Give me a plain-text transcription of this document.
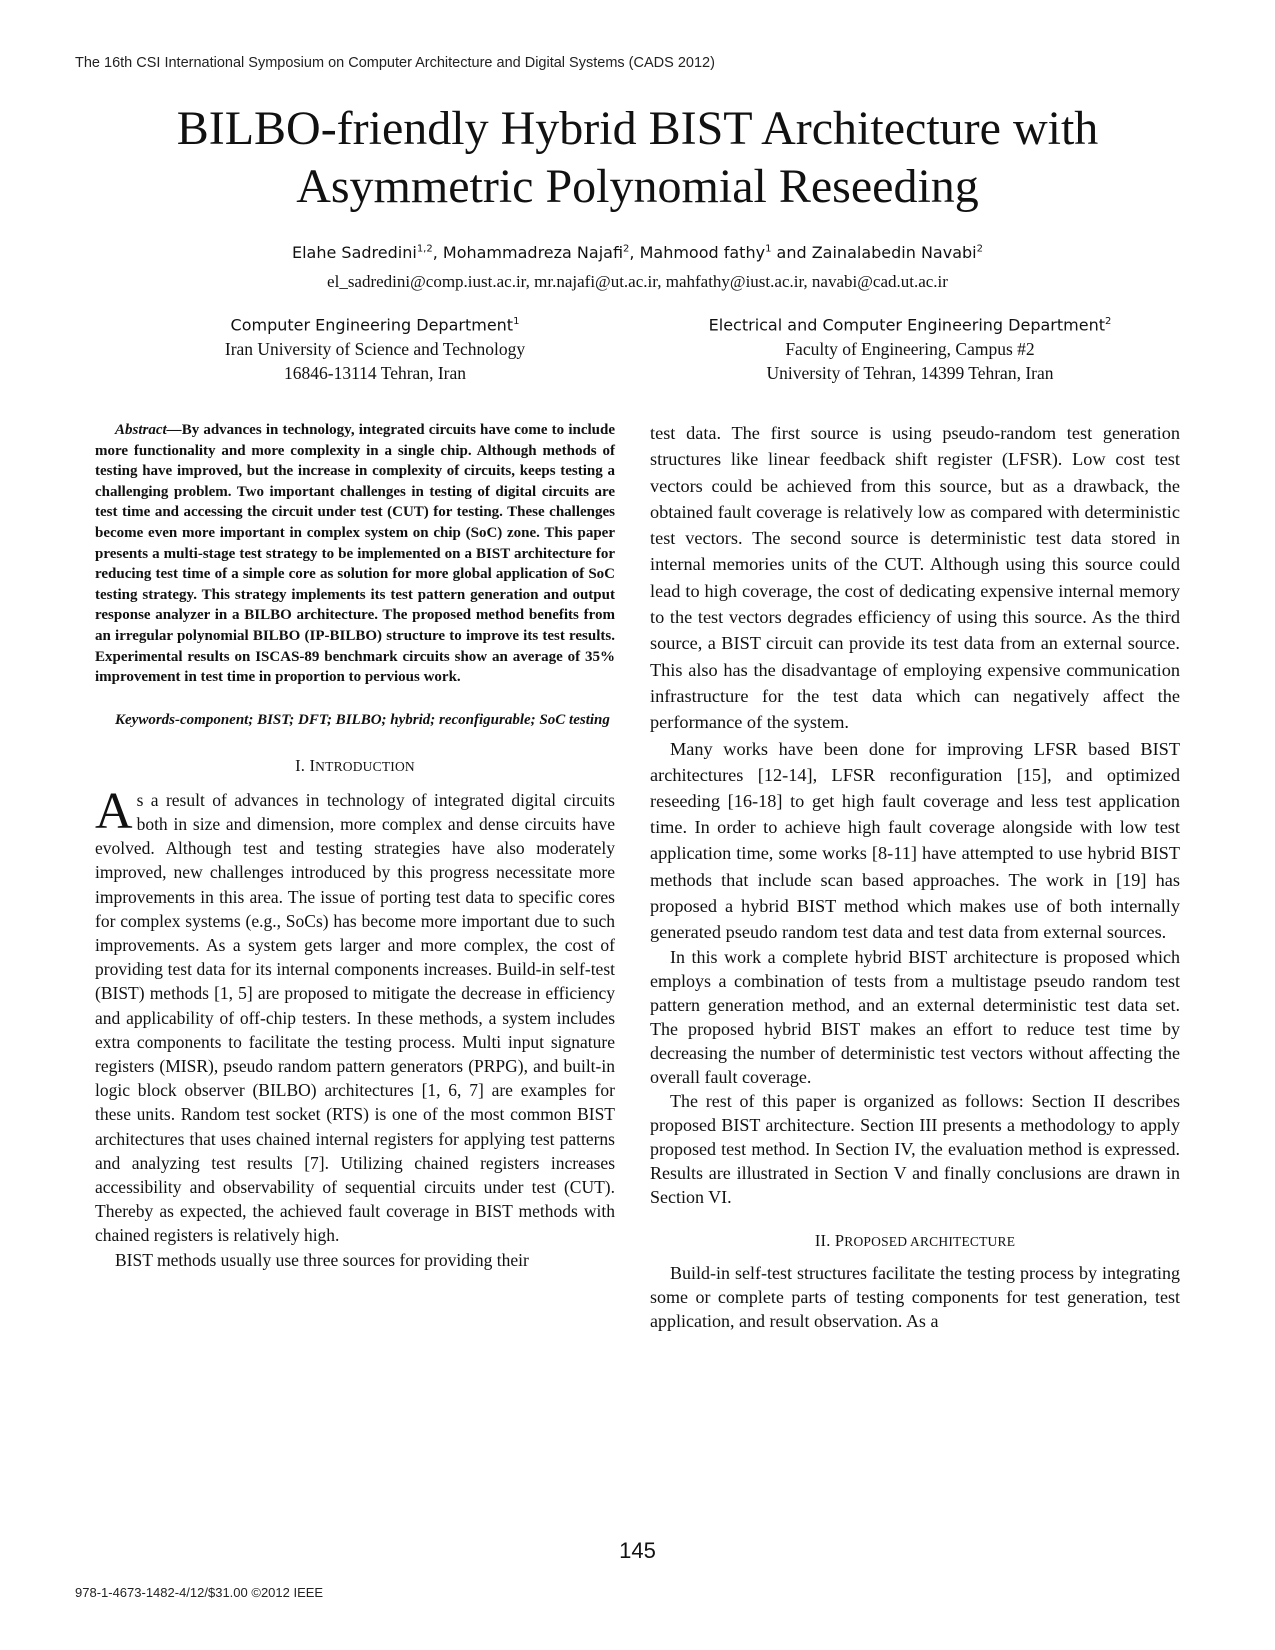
The 16th CSI International Symposium on Computer Architecture and Digital Systems (CADS 2012)
BILBO-friendly Hybrid BIST Architecture with
Asymmetric Polynomial Reseeding
Elahe Sadredini$^{1,2}$, Mohammadreza Najafi$^2$, Mahmood fathy$^1$ and Zainalabedin Navabi$^2$
el_sadredini@comp.iust.ac.ir, mr.najafi@ut.ac.ir, mahfathy@iust.ac.ir, navabi@cad.ut.ac.ir
Computer Engineering Department$^1$
Iran University of Science and Technology
16846-13114 Tehran, Iran
Electrical and Computer Engineering Department$^2$
Faculty of Engineering, Campus #2
University of Tehran, 14399 Tehran, Iran

Abstract—By advances in technology, integrated circuits have come to include more functionality and more complexity in a single chip. Although methods of testing have improved, but the increase in complexity of circuits, keeps testing a challenging problem. Two important challenges in testing of digital circuits are test time and accessing the circuit under test (CUT) for testing. These challenges become even more important in complex system on chip (SoC) zone. This paper presents a multi-stage test strategy to be implemented on a BIST architecture for reducing test time of a simple core as solution for more global application of SoC testing strategy. This strategy implements its test pattern generation and output response analyzer in a BILBO architecture. The proposed method benefits from an irregular polynomial BILBO (IP-BILBO) structure to improve its test results. Experimental results on ISCAS-89 benchmark circuits show an average of 35% improvement in test time in proportion to pervious work.

Keywords-component; BIST; DFT; BILBO; hybrid; reconfigurable; SoC testing

I. INTRODUCTION

As a result of advances in technology of integrated digital circuits both in size and dimension, more complex and dense circuits have evolved. Although test and testing strategies have also moderately improved, new challenges introduced by this progress necessitate more improvements in this area. The issue of porting test data to specific cores for complex systems (e.g., SoCs) has become more important due to such improvements. As a system gets larger and more complex, the cost of providing test data for its internal components increases. Build-in self-test (BIST) methods [1, 5] are proposed to mitigate the decrease in efficiency and applicability of off-chip testers. In these methods, a system includes extra components to facilitate the testing process. Multi input signature registers (MISR), pseudo random pattern generators (PRPG), and built-in logic block observer (BILBO) architectures [1, 6, 7] are examples for these units. Random test socket (RTS) is one of the most common BIST architectures that uses chained internal registers for applying test patterns and analyzing test results [7]. Utilizing chained registers increases accessibility and observability of sequential circuits under test (CUT). Thereby as expected, the achieved fault coverage in BIST methods with chained registers is relatively high.

BIST methods usually use three sources for providing their

test data. The first source is using pseudo-random test generation structures like linear feedback shift register (LFSR). Low cost test vectors could be achieved from this source, but as a drawback, the obtained fault coverage is relatively low as compared with deterministic test vectors. The second source is deterministic test data stored in internal memories units of the CUT. Although using this source could lead to high coverage, the cost of dedicating expensive internal memory to the test vectors degrades efficiency of using this source. As the third source, a BIST circuit can provide its test data from an external source. This also has the disadvantage of employing expensive communication infrastructure for the test data which can negatively affect the performance of the system.

Many works have been done for improving LFSR based BIST architectures [12-14], LFSR reconfiguration [15], and optimized reseeding [16-18] to get high fault coverage and less test application time. In order to achieve high fault coverage alongside with low test application time, some works [8-11] have attempted to use hybrid BIST methods that include scan based approaches. The work in [19] has proposed a hybrid BIST method which makes use of both internally generated pseudo random test data and test data from external sources.

In this work a complete hybrid BIST architecture is proposed which employs a combination of tests from a multistage pseudo random test pattern generation method, and an external deterministic test data set. The proposed hybrid BIST makes an effort to reduce test time by decreasing the number of deterministic test vectors without affecting the overall fault coverage.

The rest of this paper is organized as follows: Section II describes proposed BIST architecture. Section III presents a methodology to apply proposed test method. In Section IV, the evaluation method is expressed. Results are illustrated in Section V and finally conclusions are drawn in Section VI.

II. PROPOSED ARCHITECTURE

Build-in self-test structures facilitate the testing process by integrating some or complete parts of testing components for test generation, test application, and result observation. As a

145
978-1-4673-1482-4/12/$31.00 ©2012 IEEE
